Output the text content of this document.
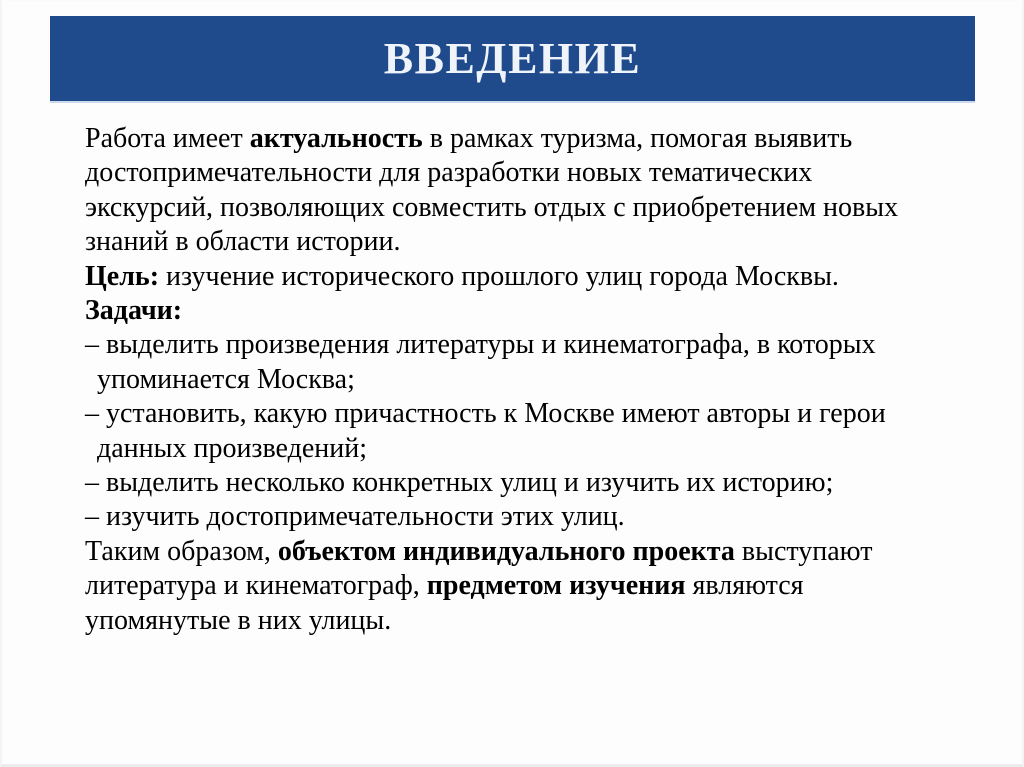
ВВЕДЕНИЕ
Работа имеет актуальность в рамках туризма, помогая выявить
достопримечательности для разработки новых тематических
экскурсий, позволяющих совместить отдых с приобретением новых
знаний в области истории.
Цель: изучение исторического прошлого улиц города Москвы.
Задачи:
– выделить произведения литературы и кинематографа, в которых
упоминается Москва;
– установить, какую причастность к Москве имеют авторы и герои
данных произведений;
– выделить несколько конкретных улиц и изучить их историю;
– изучить достопримечательности этих улиц.
Таким образом, объектом индивидуального проекта выступают
литература и кинематограф, предметом изучения являются
упомянутые в них улицы.
